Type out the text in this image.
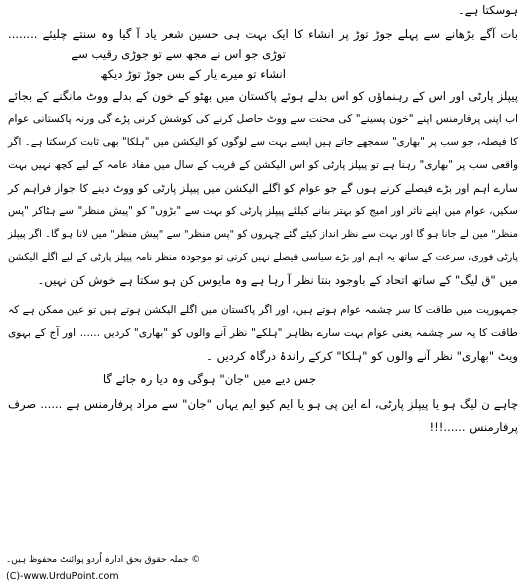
ہوسکتا ہے۔
بات آگے بڑھانے سے پہلے جوڑ توڑ پر انشاء کا ایک بہت ہی حسین شعر یاد آ گیا وہ سنتے چلیئے ........
توڑی جو اس نے مجھ سے تو جوڑی رقیب سے
انشاء تو میرے یار کے بس جوڑ توڑ دیکھ
پیپلز پارٹی اور اس کے رہنماؤں کو اس بدلے ہوئے پاکستان میں بھٹو کے خون کے بدلے ووٹ مانگنے کے بجائے
اب اپنی پرفارمنس اپنے "خون پسینے" کی محنت سے ووٹ حاصل کرنے کی کوشش کرنی پڑے گی ورنہ پاکستانی عوام
کا فیصلہ، جو سب پر "بھاری" سمجھے جاتے ہیں ایسے بہت سے لوگوں کو الیکشن میں "ہلکا" بھی ثابت کرسکتا ہے۔ اگر
واقعی سب پر "بھاری" رہنا ہے تو پیپلز پارٹی کو اس الیکشن کے قریب کے سال میں مفاد عامہ کے لیے کچھ نہیں بہت
سارے اہم اور بڑے فیصلے کرنے ہوں گے جو عوام کو اگلے الیکشن میں پیپلز پارٹی کو ووٹ دینے کا جواز فراہم کر
سکیں، عوام میں اپنے تاثر اور امیج کو بہتر بنانے کیلئے پیپلز پارٹی کو بہت سے "بڑوں" کو "پیش منظر" سے ہٹاکر "پس
منظر" میں لے جانا ہو گا اور بہت سے نظر انداز کیئے گئے چہروں کو "پس منظر" سے "پیش منظر" میں لانا ہو گا۔ اگر پیپلز
پارٹی فوری، سرعت کے ساتھ یہ اہم اور بڑے سیاسی فیصلے نہیں کرتی تو موجودہ منظر نامہ پیپلز پارٹی کے لیے اگلے الیکشن
میں "ق لیگ" کے ساتھ اتحاد کے باوجود بنتا نظر آ رہا ہے وہ مایوس کن ہو سکتا ہے خوش کن نہیں۔
جمہوریت میں طاقت کا سر چشمہ عوام ہوتے ہیں، اور اگر پاکستان میں اگلے الیکشن ہوتے ہیں تو عین ممکن ہے کہ
طاقت کا یہ سر چشمہ یعنی عوام بہت سارے بظاہر "ہلکے" نظر آنے والوں کو "بھاری" کردیں ...... اور آج کے بہوی
ویٹ "بھاری" نظر آنے والوں کو "ہلکا" کرکے راندۂ درگاہ کردیں ۔
جس دیے میں "جان" ہوگی وہ دیا رہ جائے گا
چاہے ن لیگ ہو یا پیپلز پارٹی، اے این پی ہو یا ایم کیو ایم یہاں "جان" سے مراد پرفارمنس ہے ...... صرف
پرفارمنس ......!!!
© جملہ حقوق بحق ادارہ اُردو پوائنٹ محفوظ ہیں۔
(C)-www.UrduPoint.com
